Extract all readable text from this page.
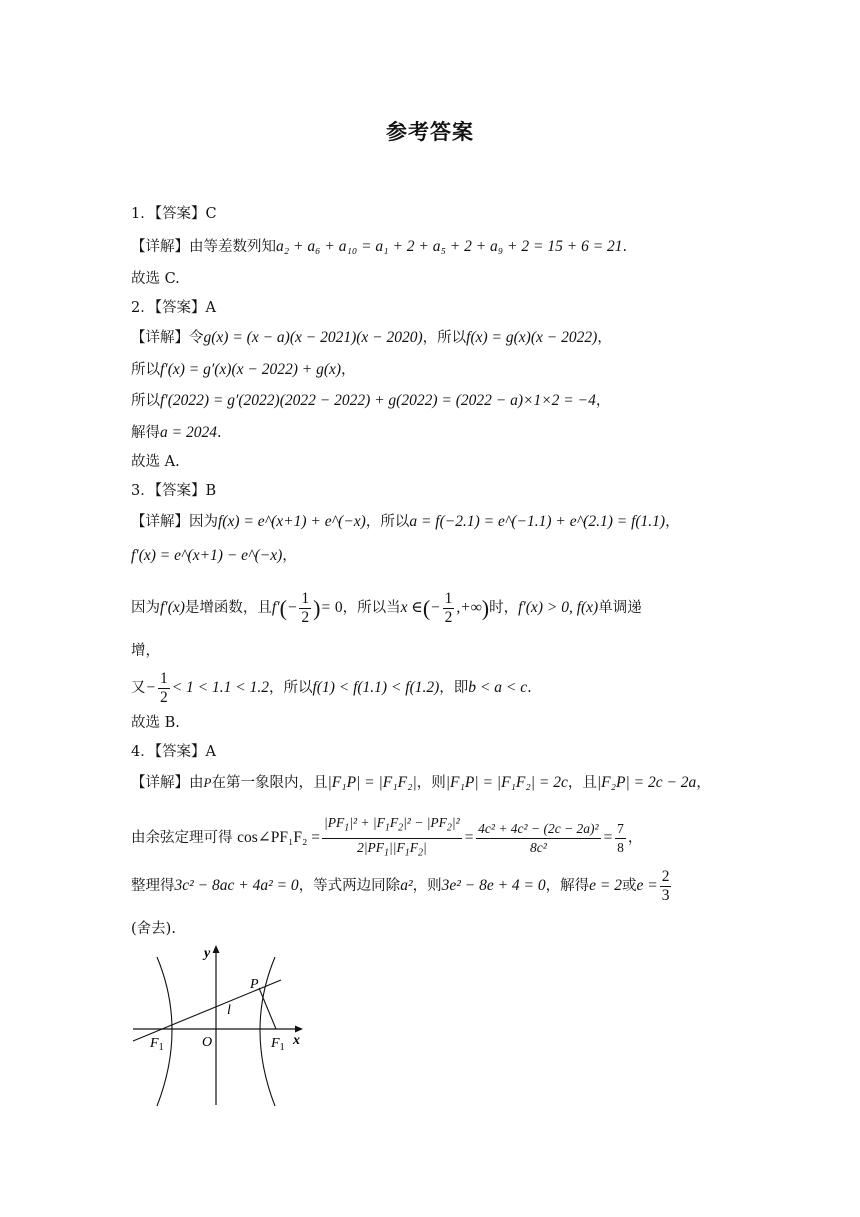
参考答案
1．【答案】C
【详解】由等差数列知a₂ + a₆ + a₁₀ = a₁ + 2 + a₅ + 2 + a₉ + 2 = 15 + 6 = 21.
故选 C.
2．【答案】A
【详解】令g(x) = (x − a)(x − 2021)(x − 2020)，所以f(x) = g(x)(x − 2022)，
所以f′(x) = g′(x)(x − 2022) + g(x)，
所以f′(2022) = g′(2022)(2022 − 2022) + g(2022) = (2022 − a)×1×2 = −4，
解得a = 2024.
故选 A.
3．【答案】B
【详解】因为f(x) = e^(x+1) + e^(−x)，所以a = f(−2.1) = e^(−1.1) + e^(2.1) = f(1.1)，
f′(x) = e^(x+1) − e^(−x)，
因为f′(x)是增函数，且$f'(- \frac{1}{2}$ )= 0，所以当x ∈(− $\frac{1}{2}$ ,+∞)时，f′(x) > 0, f(x)单调递
增，
又− $\frac{1}{2} < 1 < 1.1 < 1.2$，所以f(1) < f(1.1) < f(1.2)，即b < a < c.
故选 B.
4．【答案】A
【详解】由P在第一象限内，且|F₁P| = |F₁F₂|，则|F₁P| = |F₁F₂| = 2c，且|F₂P| = 2c − 2a，
由余弦定理可得 cos∠PF₁F₂ = $\frac{|PF_1|^2 + |F_1F_2|^2 - |PF_2|^2}{2|PF_1||F_1F_2|} = \frac{\text{4c² + 4c² − (2c − 2a)²}}{\text{8c²}} = \frac{7}{8}$ ，
整理得3c² − 8ac + 4a² = 0，等式两边同除a²，则3e² − 8e + 4 = 0，解得e = 2或$e = \frac{2}{3}$
(舍去).
y
x
O
P
l
$F_1$	$F_1$
